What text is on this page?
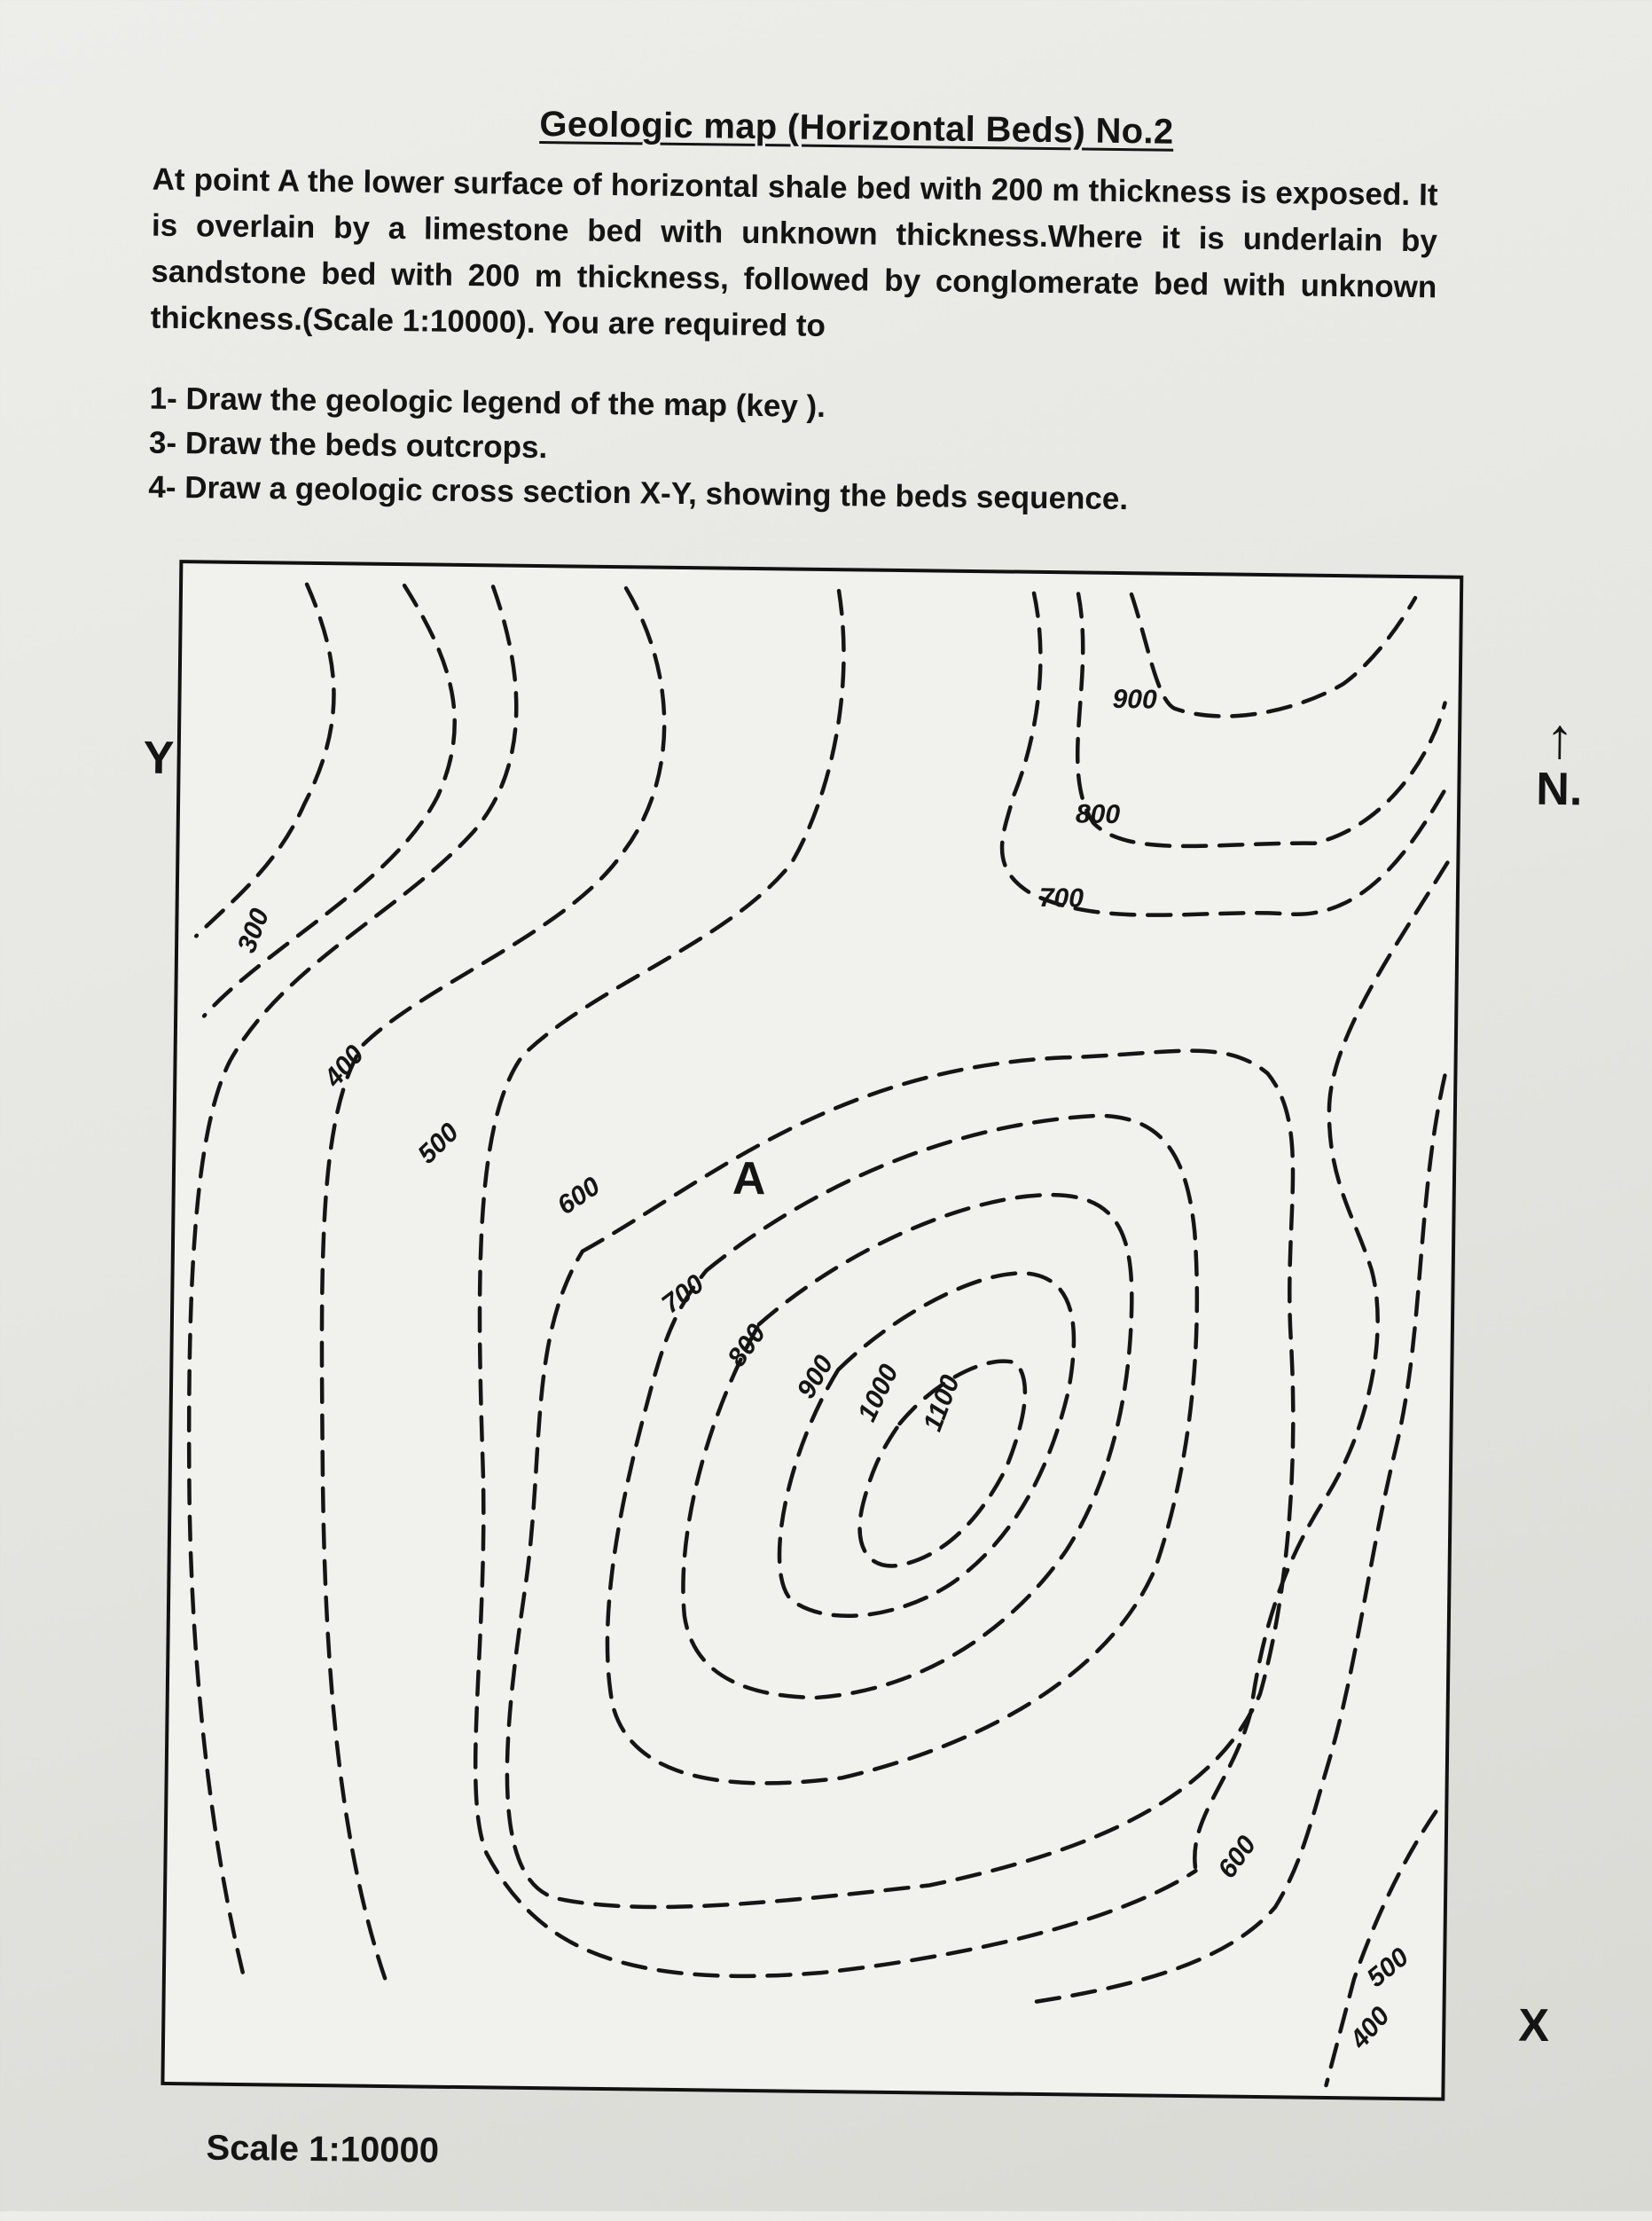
Geologic map (Horizontal Beds) No.2
At point A the lower surface of horizontal shale bed with 200 m thickness is exposed. It is overlain by a limestone bed with unknown thickness.Where it is underlain by sandstone bed with 200 m thickness, followed by conglomerate bed with unknown thickness.(Scale 1:10000). You are required to
1- Draw the geologic legend of the map (key ).
3- Draw the beds outcrops.
4- Draw a geologic cross section X-Y, showing the beds sequence.
300
400
500
600
700
800
900 1000 1100
900
800
700
600
500
400
A
Y
X
↑
N.
Scale 1:10000
